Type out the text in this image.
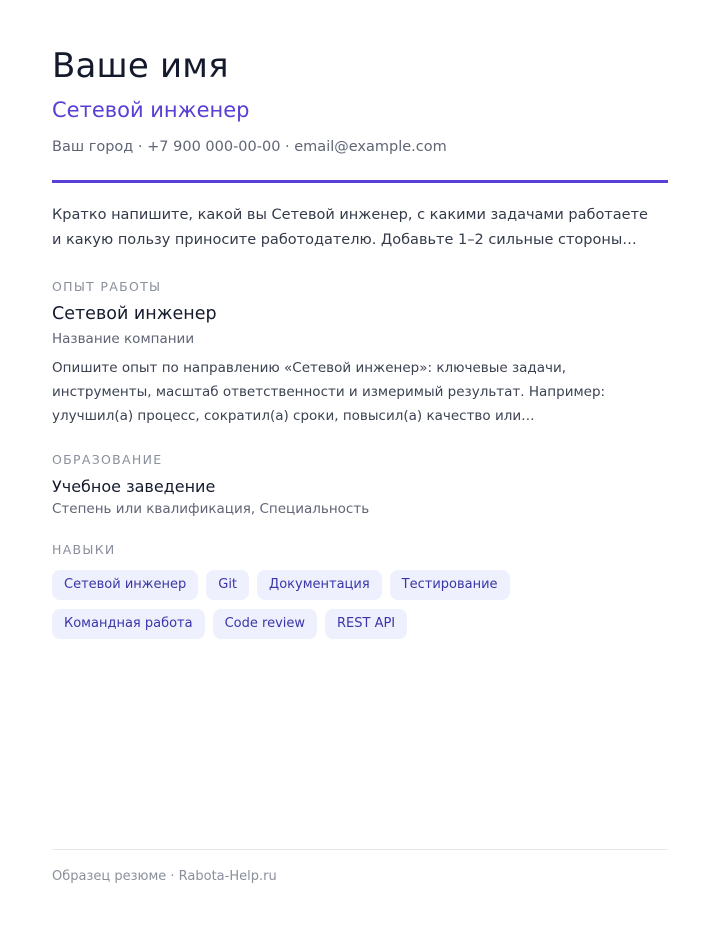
Ваше имя
Сетевой инженер
Ваш город · +7 900 000-00-00 · email@example.com

Кратко напишите, какой вы Сетевой инженер, с какими задачами работаете и какую пользу приносите работодателю. Добавьте 1–2 сильные стороны…

ОПЫТ РАБОТЫ
Сетевой инженер
Название компании

Опишите опыт по направлению «Сетевой инженер»: ключевые задачи, инструменты, масштаб ответственности и измеримый результат. Например: улучшил(а) процесс, сократил(а) сроки, повысил(а) качество или…

ОБРАЗОВАНИЕ
Учебное заведение
Степень или квалификация, Специальность
НАВЫКИ
Сетевой инженер	Git	Документация	Тестирование
Командная работа	Code review	REST API
Образец резюме · Rabota-Help.ru
